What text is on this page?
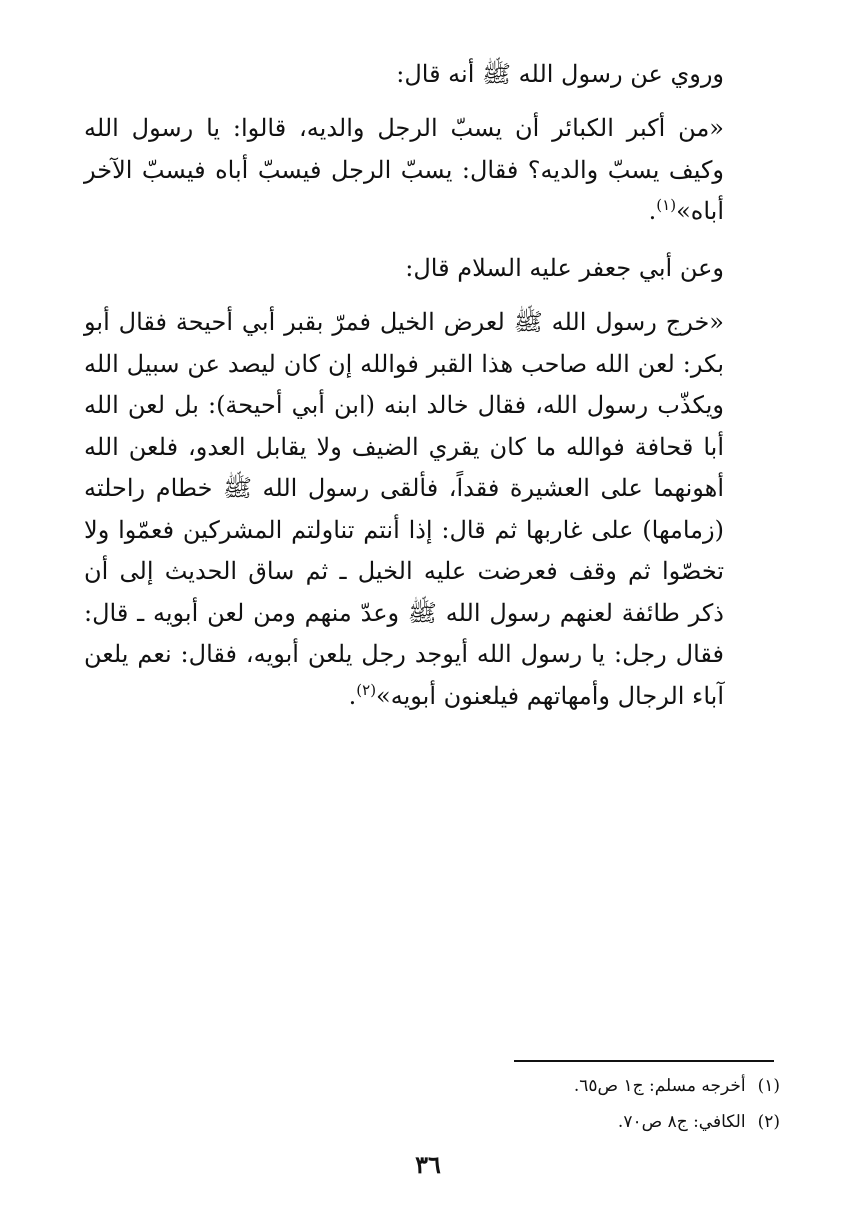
وروي عن رسول الله ﷺ أنه قال:

«من أكبر الكبائر أن يسبّ الرجل والديه، قالوا: يا رسول الله وكيف يسبّ والديه؟ فقال: يسبّ الرجل فيسبّ أباه فيسبّ الآخر أباه»$^{(١)}$.

وعن أبي جعفر عليه السلام قال:

«خرج رسول الله ﷺ لعرض الخيل فمرّ بقبر أبي أحيحة فقال أبو بكر: لعن الله صاحب هذا القبر فوالله إن كان ليصد عن سبيل الله ويكذّب رسول الله، فقال خالد ابنه (ابن أبي أحيحة): بل لعن الله أبا قحافة فوالله ما كان يقري الضيف ولا يقابل العدو، فلعن الله أهونهما على العشيرة فقداً، فألقى رسول الله ﷺ خطام راحلته (زمامها) على غاربها ثم قال: إذا أنتم تناولتم المشركين فعمّوا ولا تخصّوا ثم وقف فعرضت عليه الخيل ـ ثم ساق الحديث إلى أن ذكر طائفة لعنهم رسول الله ﷺ وعدّ منهم ومن لعن أبويه ـ قال: فقال رجل: يا رسول الله أيوجد رجل يلعن أبويه، فقال: نعم يلعن آباء الرجال وأمهاتهم فيلعنون أبويه»$^{(٢)}$.

(١)أخرجه مسلم: ج١ ص٦٥.
(٢)الكافي: ج٨ ص٧٠.
٣٦
